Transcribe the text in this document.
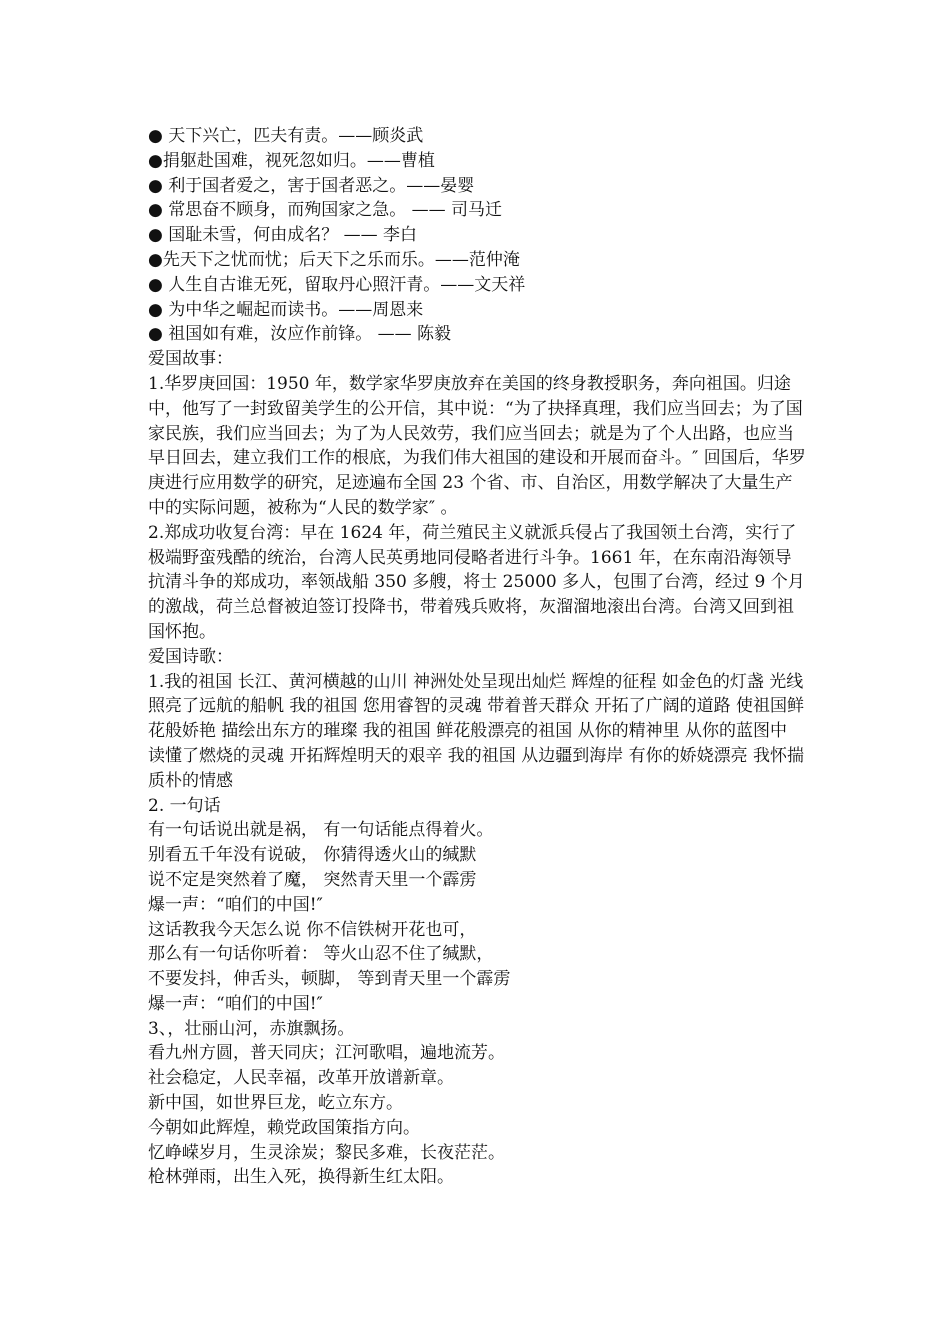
● 天下兴亡，匹夫有责。——顾炎武
●捐躯赴国难，视死忽如归。——曹植
● 利于国者爱之，害于国者恶之。——晏婴
● 常思奋不顾身，而殉国家之急。 —— 司马迁
● 国耻未雪，何由成名？ —— 李白
●先天下之忧而忧；后天下之乐而乐。——范仲淹
● 人生自古谁无死，留取丹心照汗青。——文天祥
● 为中华之崛起而读书。——周恩来
● 祖国如有难，汝应作前锋。 —— 陈毅
爱国故事：
1.华罗庚回国：1950 年，数学家华罗庚放弃在美国的终身教授职务，奔向祖国。归途中，他写了一封致留美学生的公开信，其中说：“为了抉择真理，我们应当回去；为了国家民族，我们应当回去；为了为人民效劳，我们应当回去；就是为了个人出路，也应当早日回去，建立我们工作的根底，为我们伟大祖国的建设和开展而奋斗。″ 回国后，华罗庚进行应用数学的研究，足迹遍布全国 23 个省、市、自治区，用数学解决了大量生产中的实际问题，被称为“人民的数学家″ 。
2.郑成功收复台湾：早在 1624 年，荷兰殖民主义就派兵侵占了我国领土台湾，实行了极端野蛮残酷的统治，台湾人民英勇地同侵略者进行斗争。1661 年，在东南沿海领导抗清斗争的郑成功，率领战船 350 多艘，将士 25000 多人，包围了台湾，经过 9 个月的激战，荷兰总督被迫签订投降书，带着残兵败将，灰溜溜地滚出台湾。台湾又回到祖国怀抱。
爱国诗歌：
1.我的祖国 长江、黄河横越的山川 神洲处处呈现出灿烂 辉煌的征程 如金色的灯盏 光线照亮了远航的船帆 我的祖国 您用睿智的灵魂 带着普天群众 开拓了广阔的道路 使祖国鲜花般娇艳 描绘出东方的璀璨 我的祖国 鲜花般漂亮的祖国 从你的精神里 从你的蓝图中 读懂了燃烧的灵魂 开拓辉煌明天的艰辛 我的祖国 从边疆到海岸 有你的娇娆漂亮 我怀揣质朴的情感
2. 一句话
有一句话说出就是祸， 有一句话能点得着火。
别看五千年没有说破， 你猜得透火山的缄默
说不定是突然着了魔， 突然青天里一个霹雳
爆一声：“咱们的中国!″
这话教我今天怎么说 你不信铁树开花也可，
那么有一句话你听着： 等火山忍不住了缄默，
不要发抖，伸舌头，顿脚， 等到青天里一个霹雳
爆一声：“咱们的中国!″
3、，壮丽山河，赤旗飘扬。
看九州方圆，普天同庆；江河歌唱，遍地流芳。
社会稳定，人民幸福，改革开放谱新章。
新中国，如世界巨龙，屹立东方。
今朝如此辉煌，赖党政国策指方向。
忆峥嵘岁月，生灵涂炭；黎民多难，长夜茫茫。
枪林弹雨，出生入死，换得新生红太阳。
